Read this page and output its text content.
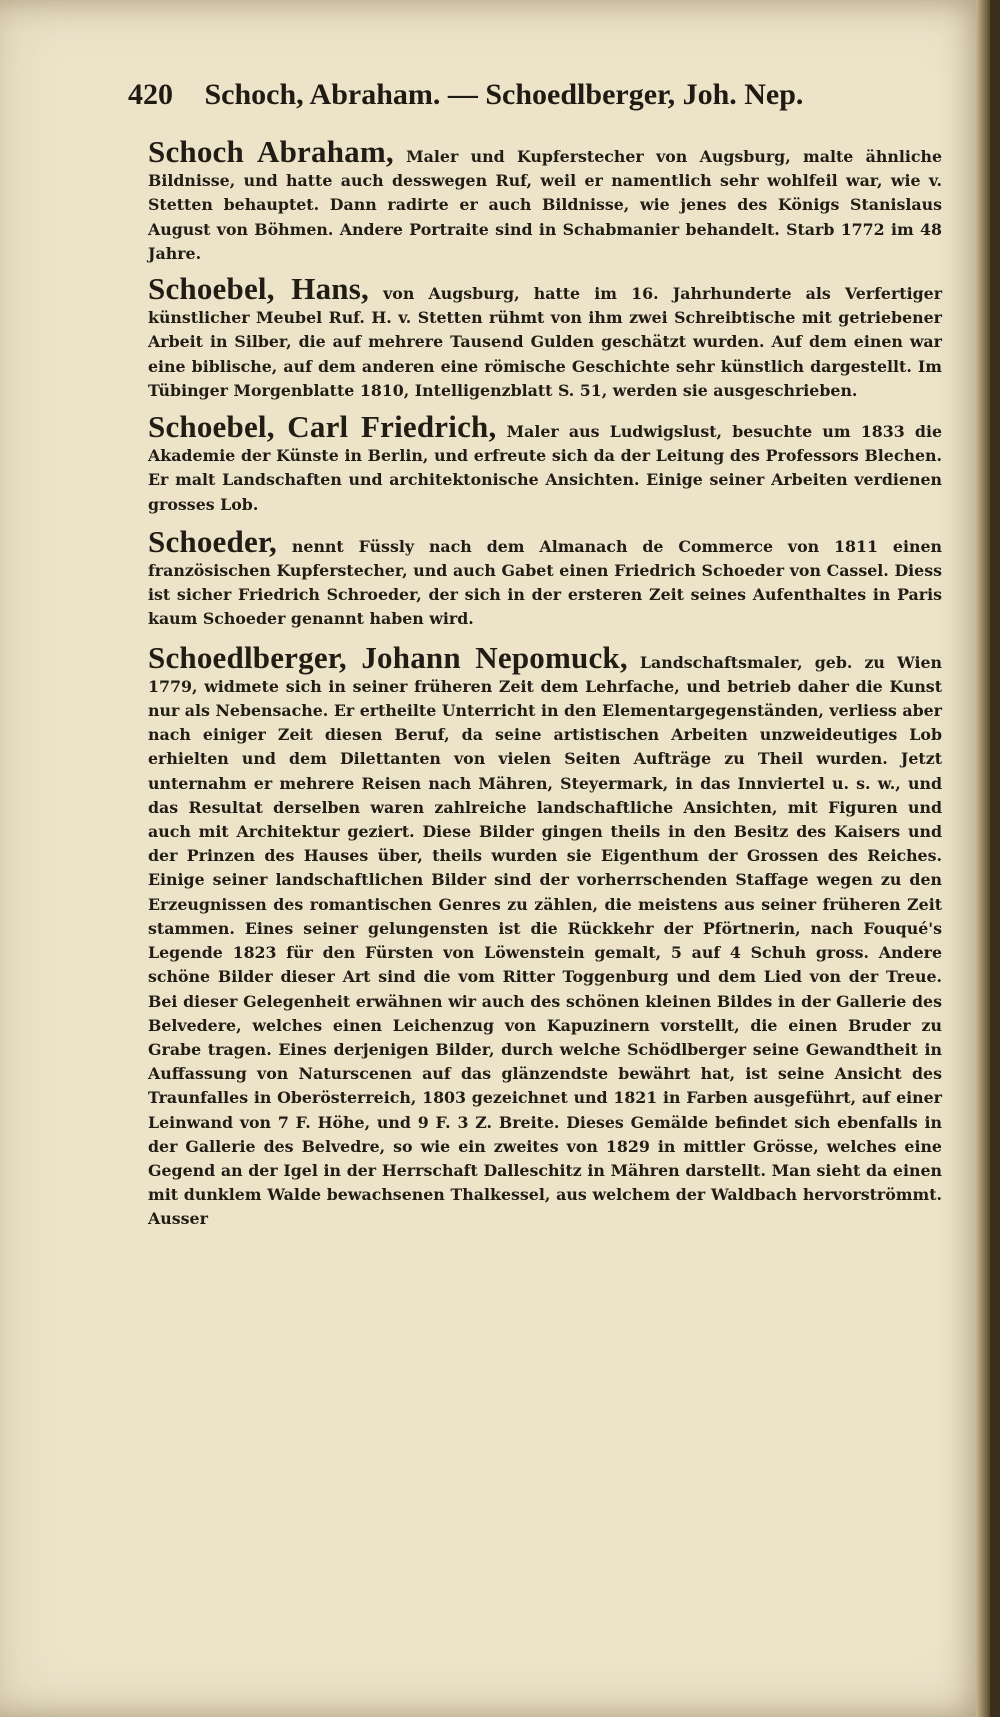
420 Schoch, Abraham. — Schoedlberger, Joh. Nep.

Schoch Abraham, Maler und Kupferstecher von Augsburg, malte ähnliche Bildnisse, und hatte auch desswegen Ruf, weil er namentlich sehr wohlfeil war, wie v. Stetten behauptet. Dann radirte er auch Bildnisse, wie jenes des Königs Stanislaus August von Böhmen. Andere Portraite sind in Schabmanier behandelt. Starb 1772 im 48 Jahre.

Schoebel, Hans, von Augsburg, hatte im 16. Jahrhunderte als Verfertiger künstlicher Meubel Ruf. H. v. Stetten rühmt von ihm zwei Schreibtische mit getriebener Arbeit in Silber, die auf mehrere Tausend Gulden geschätzt wurden. Auf dem einen war eine biblische, auf dem anderen eine römische Geschichte sehr künstlich dargestellt. Im Tübinger Morgenblatte 1810, Intelligenzblatt S. 51, werden sie ausgeschrieben.

Schoebel, Carl Friedrich, Maler aus Ludwigslust, besuchte um 1833 die Akademie der Künste in Berlin, und erfreute sich da der Leitung des Professors Blechen. Er malt Landschaften und architektonische Ansichten. Einige seiner Arbeiten verdienen grosses Lob.

Schoeder, nennt Füssly nach dem Almanach de Commerce von 1811 einen französischen Kupferstecher, und auch Gabet einen Friedrich Schoeder von Cassel. Diess ist sicher Friedrich Schroeder, der sich in der ersteren Zeit seines Aufenthaltes in Paris kaum Schoeder genannt haben wird.

Schoedlberger, Johann Nepomuck, Landschaftsmaler, geb. zu Wien 1779, widmete sich in seiner früheren Zeit dem Lehrfache, und betrieb daher die Kunst nur als Nebensache. Er ertheilte Unterricht in den Elementargegenständen, verliess aber nach einiger Zeit diesen Beruf, da seine artistischen Arbeiten unzweideutiges Lob erhielten und dem Dilettanten von vielen Seiten Aufträge zu Theil wurden. Jetzt unternahm er mehrere Reisen nach Mähren, Steyermark, in das Innviertel u. s. w., und das Resultat derselben waren zahlreiche landschaftliche Ansichten, mit Figuren und auch mit Architektur geziert. Diese Bilder gingen theils in den Besitz des Kaisers und der Prinzen des Hauses über, theils wurden sie Eigenthum der Grossen des Reiches. Einige seiner landschaftlichen Bilder sind der vorherrschenden Staffage wegen zu den Erzeugnissen des romantischen Genres zu zählen, die meistens aus seiner früheren Zeit stammen. Eines seiner gelungensten ist die Rückkehr der Pförtnerin, nach Fouqué's Legende 1823 für den Fürsten von Löwenstein gemalt, 5 auf 4 Schuh gross. Andere schöne Bilder dieser Art sind die vom Ritter Toggenburg und dem Lied von der Treue. Bei dieser Gelegenheit erwähnen wir auch des schönen kleinen Bildes in der Gallerie des Belvedere, welches einen Leichenzug von Kapuzinern vorstellt, die einen Bruder zu Grabe tragen. Eines derjenigen Bilder, durch welche Schödlberger seine Gewandtheit in Auffassung von Naturscenen auf das glänzendste bewährt hat, ist seine Ansicht des Traunfalles in Oberösterreich, 1803 gezeichnet und 1821 in Farben ausgeführt, auf einer Leinwand von 7 F. Höhe, und 9 F. 3 Z. Breite. Dieses Gemälde befindet sich ebenfalls in der Gallerie des Belvedre, so wie ein zweites von 1829 in mittler Grösse, welches eine Gegend an der Igel in der Herrschaft Dalleschitz in Mähren darstellt. Man sieht da einen mit dunklem Walde bewachsenen Thalkessel, aus welchem der Waldbach hervorströmmt. Ausser
